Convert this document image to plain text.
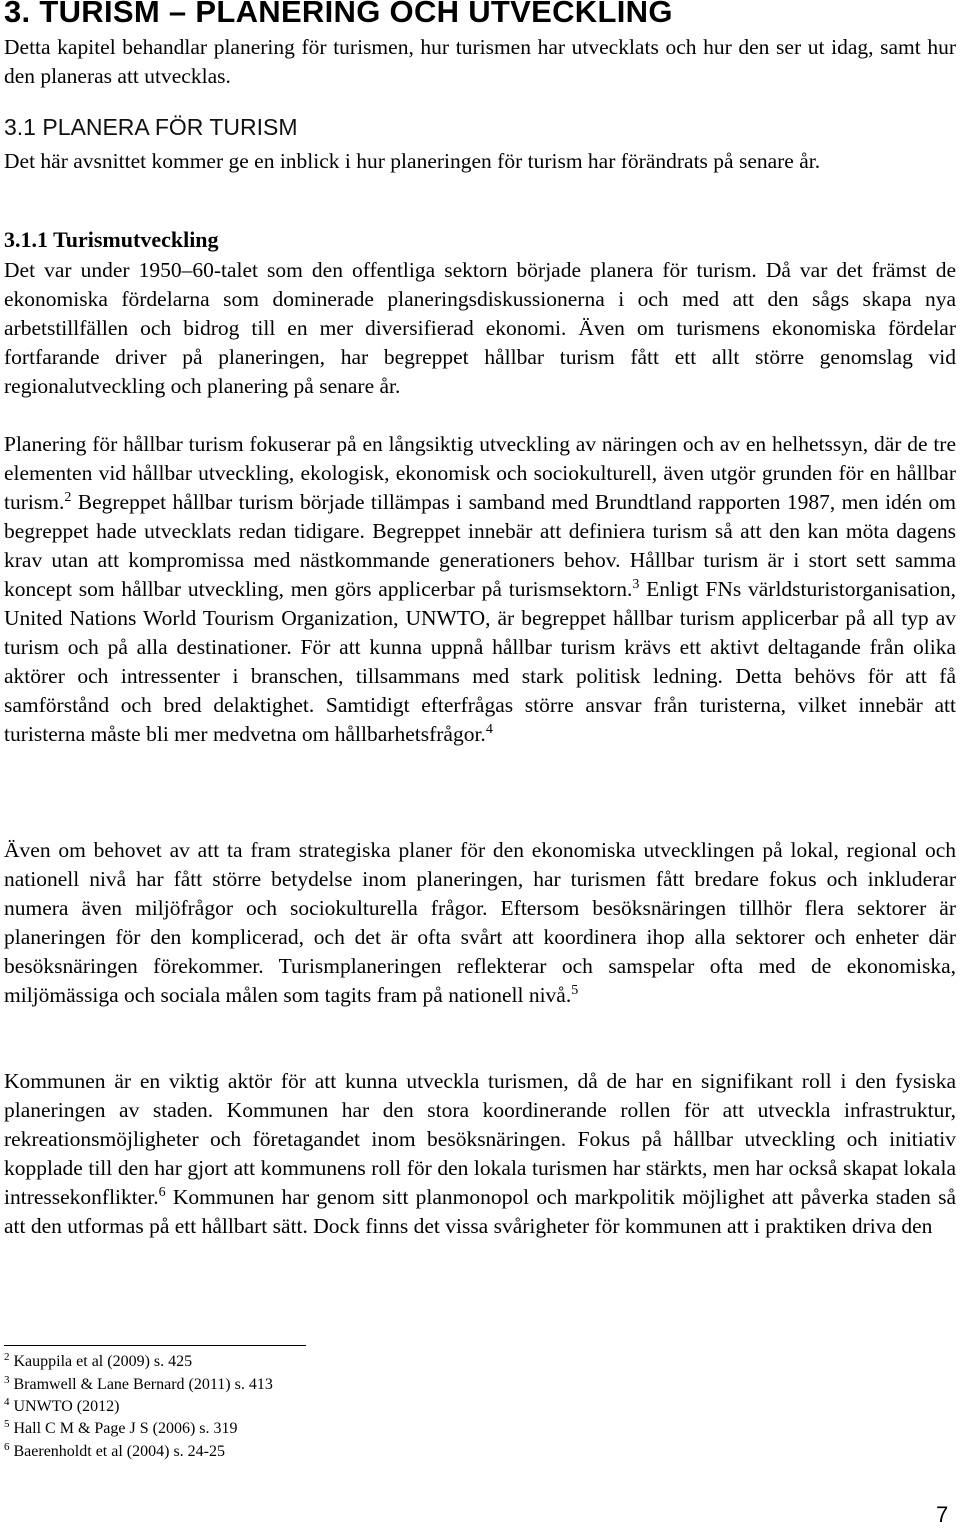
3. TURISM – PLANERING OCH UTVECKLING

Detta kapitel behandlar planering för turismen, hur turismen har utvecklats och hur den ser ut idag, samt hur den planeras att utvecklas.

3.1 PLANERA FÖR TURISM

Det här avsnittet kommer ge en inblick i hur planeringen för turism har förändrats på senare år.

3.1.1 Turismutveckling

Det var under 1950–60-talet som den offentliga sektorn började planera för turism. Då var det främst de ekonomiska fördelarna som dominerade planeringsdiskussionerna i och med att den sågs skapa nya arbetstillfällen och bidrog till en mer diversifierad ekonomi. Även om turismens ekonomiska fördelar fortfarande driver på planeringen, har begreppet hållbar turism fått ett allt större genomslag vid regionalutveckling och planering på senare år.

Planering för hållbar turism fokuserar på en långsiktig utveckling av näringen och av en helhetssyn, där de tre elementen vid hållbar utveckling, ekologisk, ekonomisk och sociokulturell, även utgör grunden för en hållbar turism.$^2$ Begreppet hållbar turism började tillämpas i samband med Brundtland rapporten 1987, men idén om begreppet hade utvecklats redan tidigare. Begreppet innebär att definiera turism så att den kan möta dagens krav utan att kompromissa med nästkommande generationers behov. Hållbar turism är i stort sett samma koncept som hållbar utveckling, men görs applicerbar på turismsektorn.$^3$ Enligt FNs världsturistorganisation, United Nations World Tourism Organization, UNWTO, är begreppet hållbar turism applicerbar på all typ av turism och på alla destinationer. För att kunna uppnå hållbar turism krävs ett aktivt deltagande från olika aktörer och intressenter i branschen, tillsammans med stark politisk ledning. Detta behövs för att få samförstånd och bred delaktighet. Samtidigt efterfrågas större ansvar från turisterna, vilket innebär att turisterna måste bli mer medvetna om hållbarhetsfrågor.$^4$

Även om behovet av att ta fram strategiska planer för den ekonomiska utvecklingen på lokal, regional och nationell nivå har fått större betydelse inom planeringen, har turismen fått bredare fokus och inkluderar numera även miljöfrågor och sociokulturella frågor. Eftersom besöksnäringen tillhör flera sektorer är planeringen för den komplicerad, och det är ofta svårt att koordinera ihop alla sektorer och enheter där besöksnäringen förekommer. Turismplaneringen reflekterar och samspelar ofta med de ekonomiska, miljömässiga och sociala målen som tagits fram på nationell nivå.$^5$

Kommunen är en viktig aktör för att kunna utveckla turismen, då de har en signifikant roll i den fysiska planeringen av staden. Kommunen har den stora koordinerande rollen för att utveckla infrastruktur, rekreationsmöjligheter och företagandet inom besöksnäringen. Fokus på hållbar utveckling och initiativ kopplade till den har gjort att kommunens roll för den lokala turismen har stärkts, men har också skapat lokala intressekonflikter.$^6$ Kommunen har genom sitt planmonopol och markpolitik möjlighet att påverka staden så att den utformas på ett hållbart sätt. Dock finns det vissa svårigheter för kommunen att i praktiken driva den

$^2$ Kauppila et al (2009) s. 425
$^3$ Bramwell & Lane Bernard (2011) s. 413
$^4$ UNWTO (2012)
$^5$ Hall C M & Page J S (2006) s. 319
$^6$ Baerenholdt et al (2004) s. 24-25
7
